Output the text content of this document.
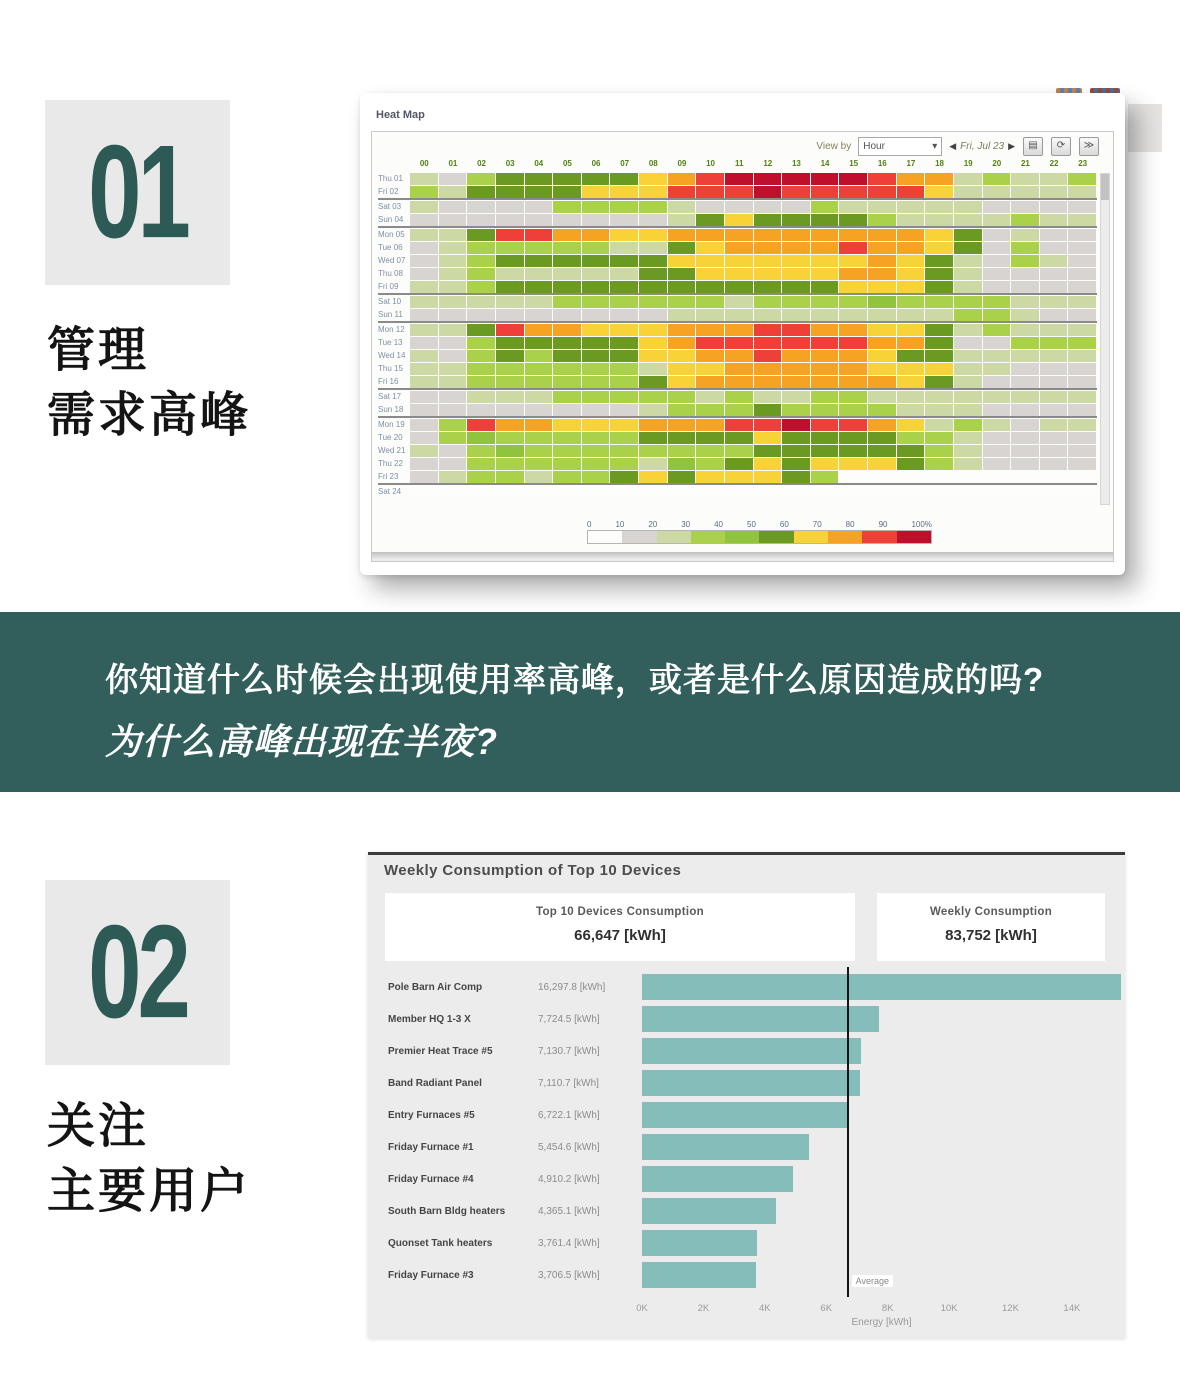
01
管理
需求高峰
Heat Map
View by Hour	▾ ◀ Fri, Jul 23 ▶	▤	⟳	≫
00	01	02	03	04	05	06	07	08	09	10	11	12	13	14	15	16	17	18	19	20	21	22	23
Thu 01
Fri 02
Sat 03
Sun 04
Mon 05
Tue 06
Wed 07
Thu 08
Fri 09
Sat 10
Sun 11
Mon 12
Tue 13
Wed 14
Thu 15
Fri 16
Sat 17
Sun 18
Mon 19
Tue 20
Wed 21
Thu 22
Fri 23
Sat 24
0	10	20	30	40	50	60	70	80	90	100%
你知道什么时候会出现使用率高峰，或者是什么原因造成的吗?
为什么高峰出现在半夜?
02
关注
主要用户
Weekly Consumption of Top 10 Devices
Top 10 Devices Consumption
66,647 [kWh]
Weekly Consumption
83,752 [kWh]
Pole Barn Air Comp	16,297.8 [kWh]
Member HQ 1-3 X	7,724.5 [kWh]
Premier Heat Trace #5	7,130.7 [kWh]
Band Radiant Panel	7,110.7 [kWh]
Entry Furnaces #5	6,722.1 [kWh]
Friday Furnace #1	5,454.6 [kWh]
Friday Furnace #4	4,910.2 [kWh]
South Barn Bldg heaters	4,365.1 [kWh]
Quonset Tank heaters	3,761.4 [kWh]
Friday Furnace #3	3,706.5 [kWh]
Average
0K	2K	4K	6K	8K	10K	12K	14K
Energy [kWh]
